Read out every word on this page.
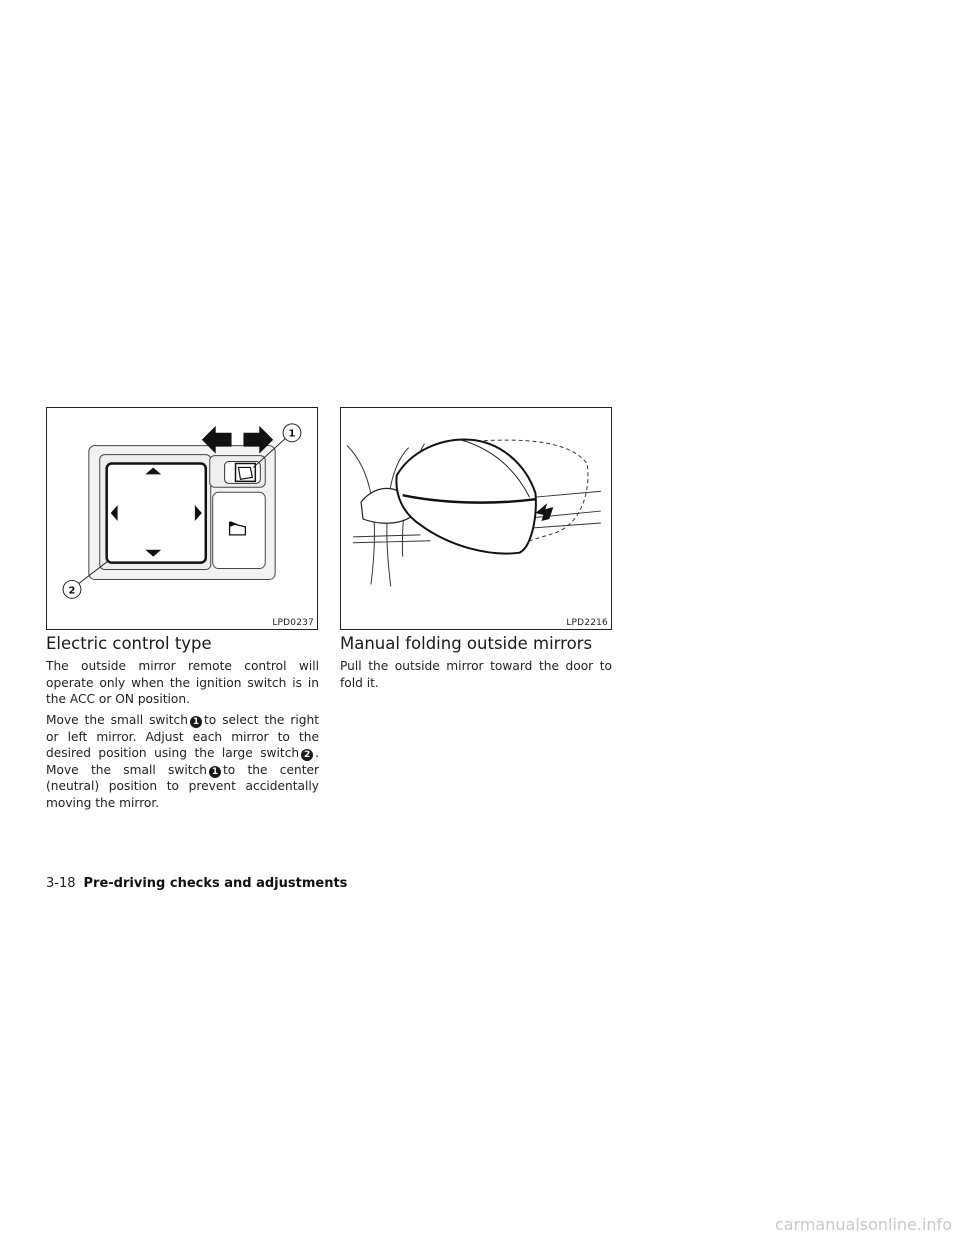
1
2
LPD0237	LPD2216
Electric control type

The outside mirror remote control will operate only when the ignition switch is in the ACC or ON position.

Move the small switch 1 to select the right or left mirror. Adjust each mirror to the desired position using the large switch 2 . Move the small switch 1 to the center (neutral) position to prevent accidentally moving the mirror.

Manual folding outside mirrors

Pull the outside mirror toward the door to fold it.

3-18 Pre-driving checks and adjustments
carmanualsonline.info
